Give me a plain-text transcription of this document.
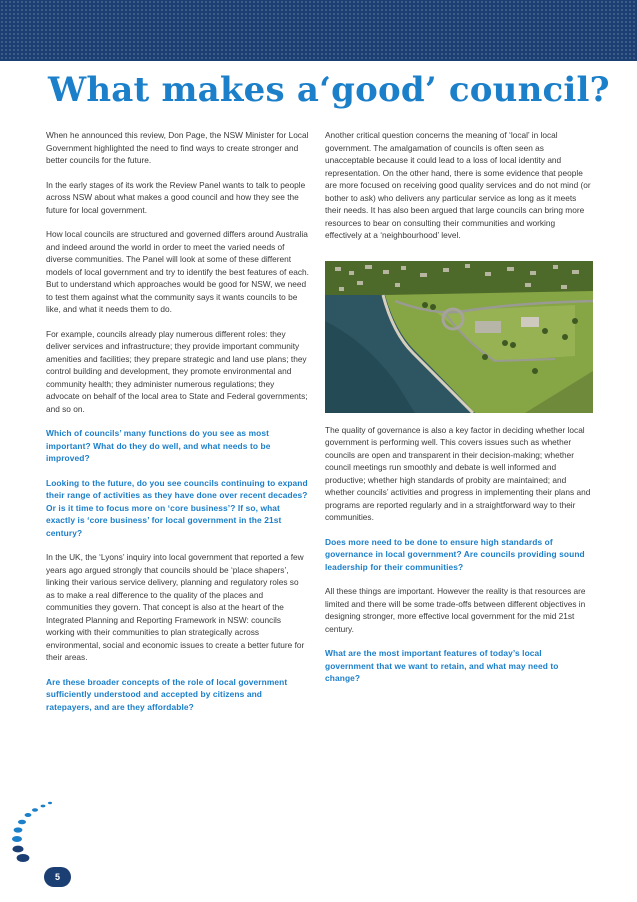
What makes a‘good’ council?

When he announced this review, Don Page, the NSW Minister for Local Government highlighted the need to find ways to create stronger and better councils for the future.

In the early stages of its work the Review Panel wants to talk to people across NSW about what makes a good council and how they see the future for local government.

How local councils are structured and governed differs around Australia and indeed around the world in order to meet the varied needs of diverse communities. The Panel will look at some of these different models of local government and try to identify the best features of each. But to understand which approaches would be good for NSW, we need to test them against what the community says it wants councils to be like, and what it needs them to do.

For example, councils already play numerous different roles: they deliver services and infrastructure; they provide important community amenities and facilities; they prepare strategic and land use plans; they control building and development, they promote environmental and community health; they administer numerous regulations; they advocate on behalf of the local area to State and Federal governments; and so on.

Which of councils’ many functions do you see as most important? What do they do well, and what needs to be improved?

Looking to the future, do you see councils continuing to expand their range of activities as they have done over recent decades? Or is it time to focus more on ‘core business’? If so, what exactly is ‘core business’ for local government in the 21st century?

In the UK, the ‘Lyons’ inquiry into local government that reported a few years ago argued strongly that councils should be ‘place shapers’, linking their various service delivery, planning and regulatory roles so as to make a real difference to the quality of the places and communities they govern. That concept is also at the heart of the Integrated Planning and Reporting Framework in NSW: councils working with their communities to plan strategically across environmental, social and economic issues to create a better future for their areas.

Are these broader concepts of the role of local government sufficiently understood and accepted by citizens and ratepayers, and are they affordable?

Another critical question concerns the meaning of ‘local’ in local government. The amalgamation of councils is often seen as unacceptable because it could lead to a loss of local identity and representation. On the other hand, there is some evidence that people are more focused on receiving good quality services and do not mind (or bother to ask) who delivers any particular service as long as it meets their needs. It has also been argued that large councils can bring more resources to bear on consulting their communities and working effectively at a ‘neighbourhood’ level.

The quality of governance is also a key factor in deciding whether local government is performing well. This covers issues such as whether councils are open and transparent in their decision-making; whether council meetings run smoothly and debate is well informed and productive; whether high standards of probity are maintained; and whether councils’ activities and progress in implementing their plans and programs are reported regularly and in a straightforward way to their communities.

Does more need to be done to ensure high standards of governance in local government? Are councils providing sound leadership for their communities?

All these things are important. However the reality is that resources are limited and there will be some trade-offs between different objectives in designing stronger, more effective local government for the mid 21st century.

What are the most important features of today’s local government that we want to retain, and what may need to change?

5
